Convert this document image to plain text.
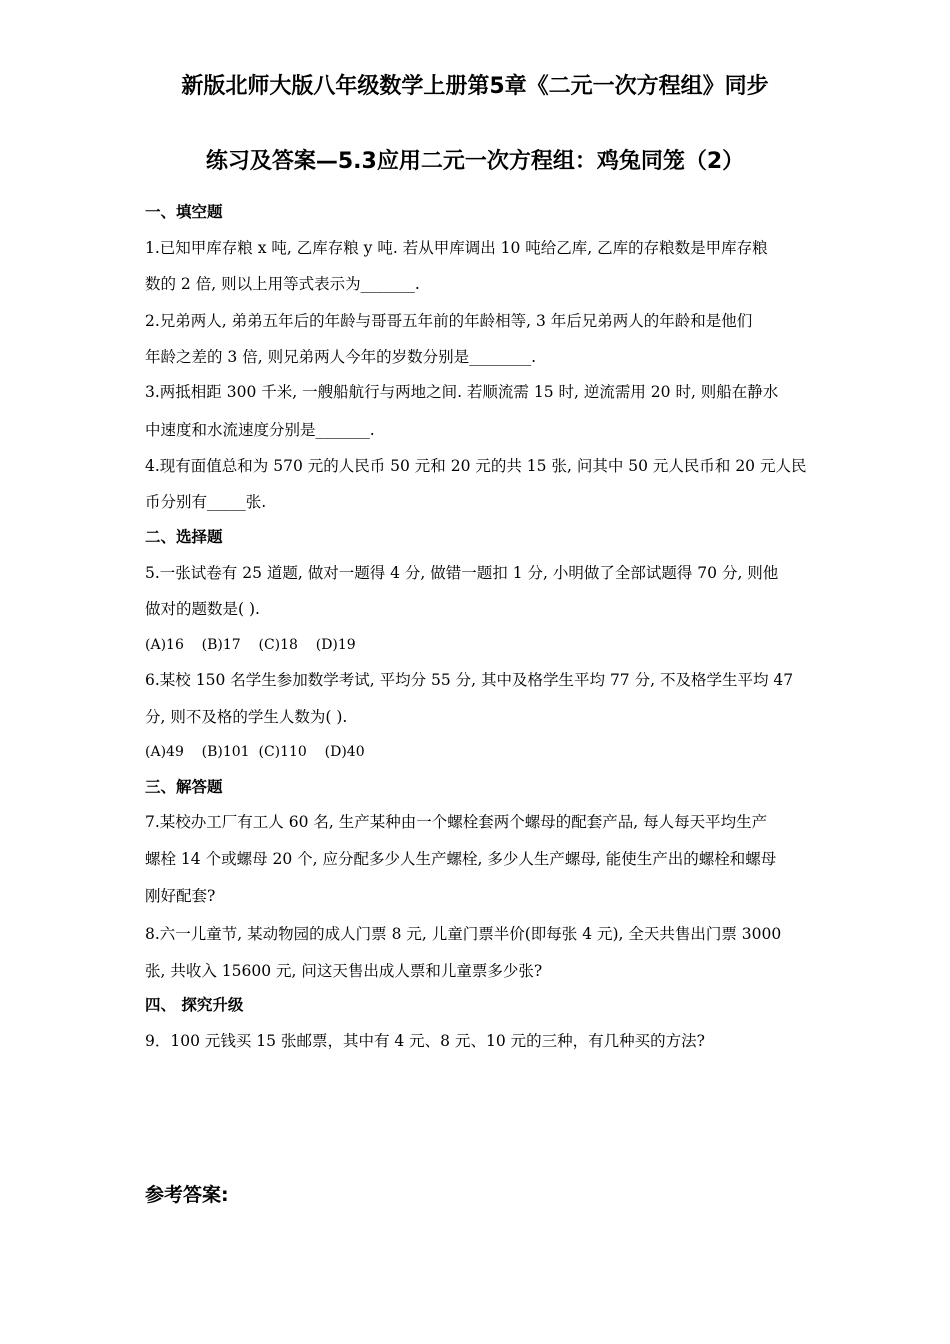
新版北师大版八年级数学上册第5章《二元一次方程组》同步
练习及答案—5.3应用二元一次方程组：鸡兔同笼（2）
一、填空题
1.已知甲库存粮 x 吨, 乙库存粮 y 吨. 若从甲库调出 10 吨给乙库, 乙库的存粮数是甲库存粮
数的 2 倍, 则以上用等式表示为_______.
2.兄弟两人, 弟弟五年后的年龄与哥哥五年前的年龄相等, 3 年后兄弟两人的年龄和是他们
年龄之差的 3 倍, 则兄弟两人今年的岁数分别是________.
3.两抵相距 300 千米, 一艘船航行与两地之间. 若顺流需 15 时, 逆流需用 20 时, 则船在静水
中速度和水流速度分别是_______.
4.现有面值总和为 570 元的人民币 50 元和 20 元的共 15 张, 问其中 50 元人民币和 20 元人民
币分别有_____张.
二、选择题
5.一张试卷有 25 道题, 做对一题得 4 分, 做错一题扣 1 分, 小明做了全部试题得 70 分, 则他
做对的题数是( ).
(A)16    (B)17    (C)18    (D)19
6.某校 150 名学生参加数学考试, 平均分 55 分, 其中及格学生平均 77 分, 不及格学生平均 47
分, 则不及格的学生人数为( ).
(A)49    (B)101  (C)110    (D)40
三、解答题
7.某校办工厂有工人 60 名, 生产某种由一个螺栓套两个螺母的配套产品, 每人每天平均生产
螺栓 14 个或螺母 20 个, 应分配多少人生产螺栓, 多少人生产螺母, 能使生产出的螺栓和螺母
刚好配套?
8.六一儿童节, 某动物园的成人门票 8 元, 儿童门票半价(即每张 4 元), 全天共售出门票 3000
张, 共收入 15600 元, 问这天售出成人票和儿童票多少张?
四、 探究升级
9．100 元钱买 15 张邮票，其中有 4 元、8 元、10 元的三种，有几种买的方法?
参考答案:
